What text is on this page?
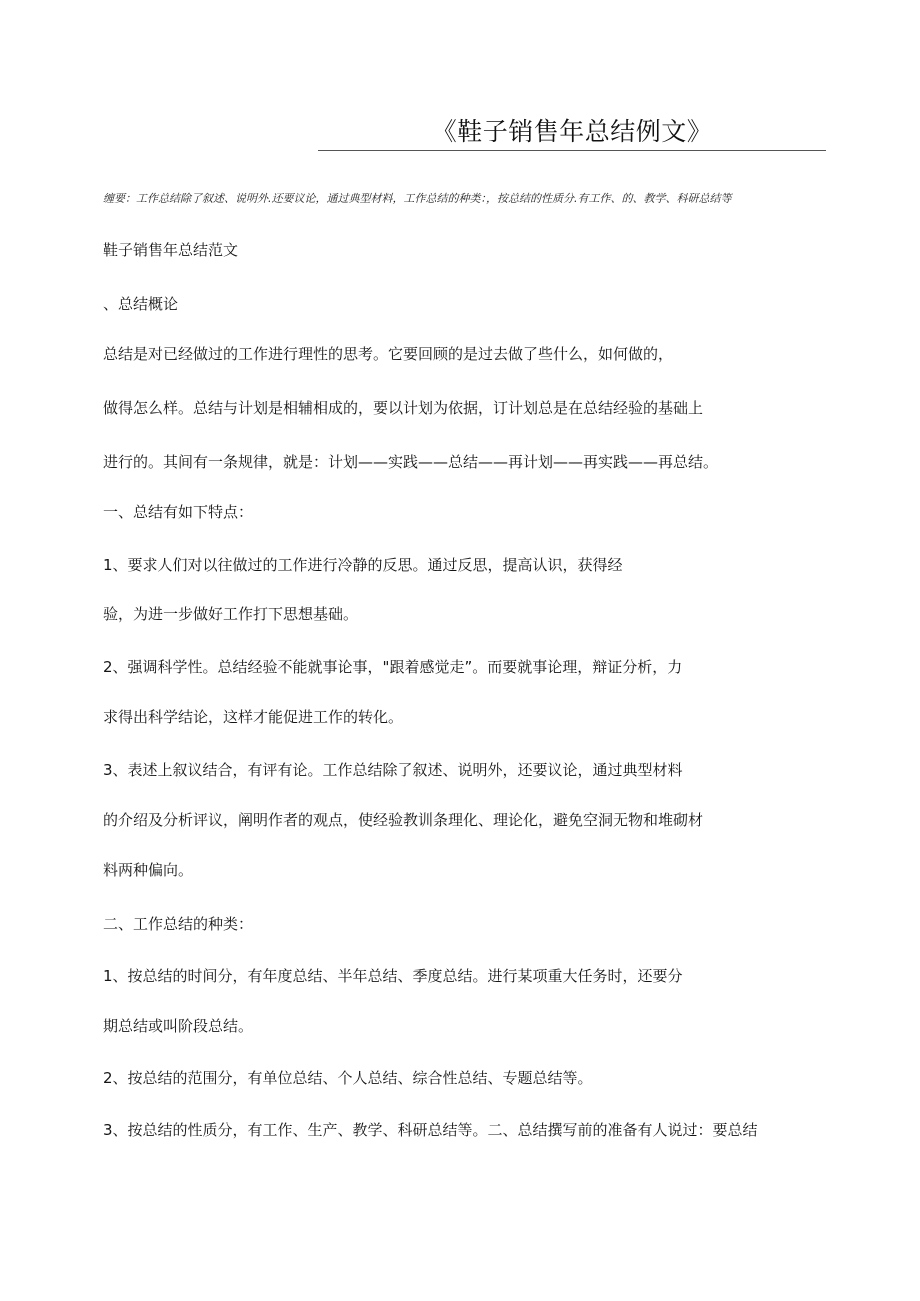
《鞋子销售年总结例文》
缠要：工作总结除了叙述、说明外.还要议论，通过典型材料，工作总结的种类：，按总结的性质分.有工作、的、教学、科研总结等
鞋子销售年总结范文
、总结概论
总结是对已经做过的工作进行理性的思考。它要回顾的是过去做了些什么，如何做的，
做得怎么样。总结与计划是相辅相成的，要以计划为依据，订计划总是在总结经验的基础上
进行的。其间有一条规律，就是：计划——实践——总结——再计划——再实践——再总结。
一、总结有如下特点：
1、要求人们对以往做过的工作进行冷静的反思。通过反思，提高认识，获得经
验，为进一步做好工作打下思想基础。
2、强调科学性。总结经验不能就事论事，"跟着感觉走”。而要就事论理，辩证分析，力
求得出科学结论，这样才能促进工作的转化。
3、表述上叙议结合，有评有论。工作总结除了叙述、说明外，还要议论，通过典型材料
的介绍及分析评议，阐明作者的观点，使经验教训条理化、理论化，避免空洞无物和堆砌材
料两种偏向。
二、工作总结的种类：
1、按总结的时间分，有年度总结、半年总结、季度总结。进行某项重大任务时，还要分
期总结或叫阶段总结。
2、按总结的范围分，有单位总结、个人总结、综合性总结、专题总结等。
3、按总结的性质分，有工作、生产、教学、科研总结等。二、总结撰写前的准备有人说过：要总结
